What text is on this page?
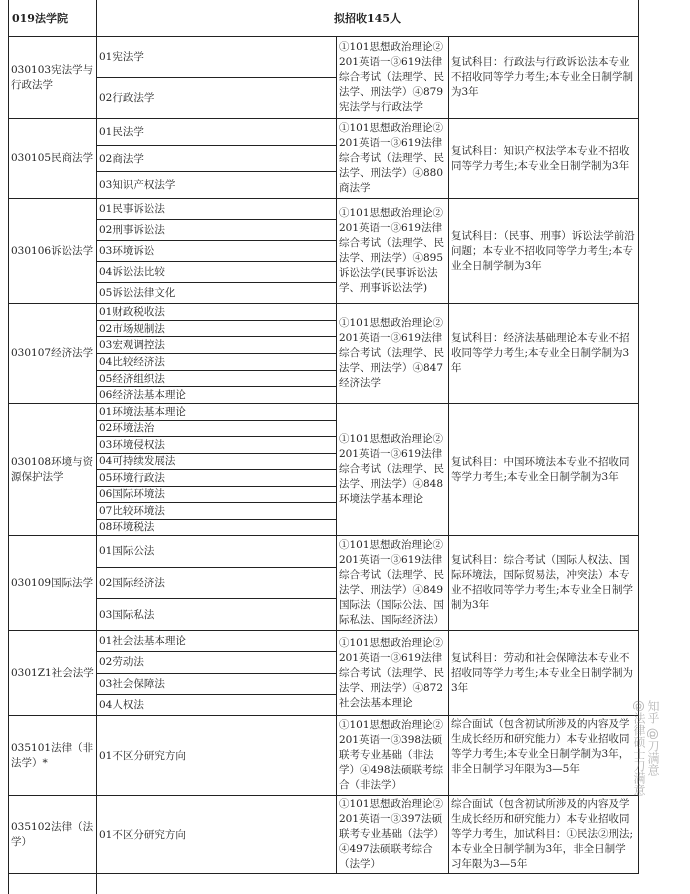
019法学院	拟招收145人
030103宪法学与行政法学
01宪法学
02行政法学
①101思想政治理论②201英语一③619法律综合考试（法理学、民法学、刑法学）④879宪法学与行政法学
复试科目：行政法与行政诉讼法本专业不招收同等学力考生;本专业全日制学制为3年
030105民商法学
01民法学
02商法学
03知识产权法学
①101思想政治理论②201英语一③619法律综合考试（法理学、民法学、刑法学）④880商法学
复试科目：知识产权法学本专业不招收同等学力考生;本专业全日制学制为3年
030106诉讼法学
01民事诉讼法
02刑事诉讼法
03环境诉讼
04诉讼法比较
05诉讼法律文化
①101思想政治理论②201英语一③619法律综合考试（法理学、民法学、刑法学）④895诉讼法学(民事诉讼法学、刑事诉讼法学)
复试科目：（民事、刑事）诉讼法学前沿问题；本专业不招收同等学力考生;本专业全日制学制为3年
030107经济法学
01财政税收法
02市场规制法
03宏观调控法
04比较经济法
05经济组织法
06经济法基本理论
①101思想政治理论②201英语一③619法律综合考试（法理学、民法学、刑法学）④847经济法学
复试科目：经济法基础理论本专业不招收同等学力考生;本专业全日制学制为3年
030108环境与资源保护法学
01环境法基本理论
02环境法治
03环境侵权法
04可持续发展法
05环境行政法
06国际环境法
07比较环境法
08环境税法
①101思想政治理论②201英语一③619法律综合考试（法理学、民法学、刑法学）④848环境法学基本理论
复试科目：中国环境法本专业不招收同等学力考生;本专业全日制学制为3年
030109国际法学
01国际公法
02国际经济法
03国际私法
①101思想政治理论②201英语一③619法律综合考试（法理学、民法学、刑法学）④849国际法（国际公法、国际私法、国际经济法）
复试科目：综合考试（国际人权法、国际环境法，国际贸易法，冲突法）本专业不招收同等学力考生;本专业全日制学制为3年
0301Z1社会法学
01社会法基本理论
02劳动法
03社会保障法
04人权法
①101思想政治理论②201英语一③619法律综合考试（法理学、民法学、刑法学）④872社会法基本理论
复试科目：劳动和社会保障法本专业不招收同等学力考生;本专业全日制学制为3年
035101法律（非法学）*
01不区分研究方向
①101思想政治理论②201英语一③398法硕联考专业基础（非法学）④498法硕联考综合（非法学）
综合面试（包含初试所涉及的内容及学生成长经历和研究能力）本专业招收同等学力考生;本专业全日制学制为3年，非全日制学习年限为3—5年
035102法律（法学）
01不区分研究方向
①101思想政治理论②201英语一③397法硕联考专业基础（法学）④497法硕联考综合（法学）
综合面试（包含初试所涉及的内容及学生成长经历和研究能力）本专业招收同等学力考生，加试科目：①民法②刑法;本专业全日制学制为3年，非全日制学习年限为3—5年

知乎 @刀满意
@法律硕士刀满意
